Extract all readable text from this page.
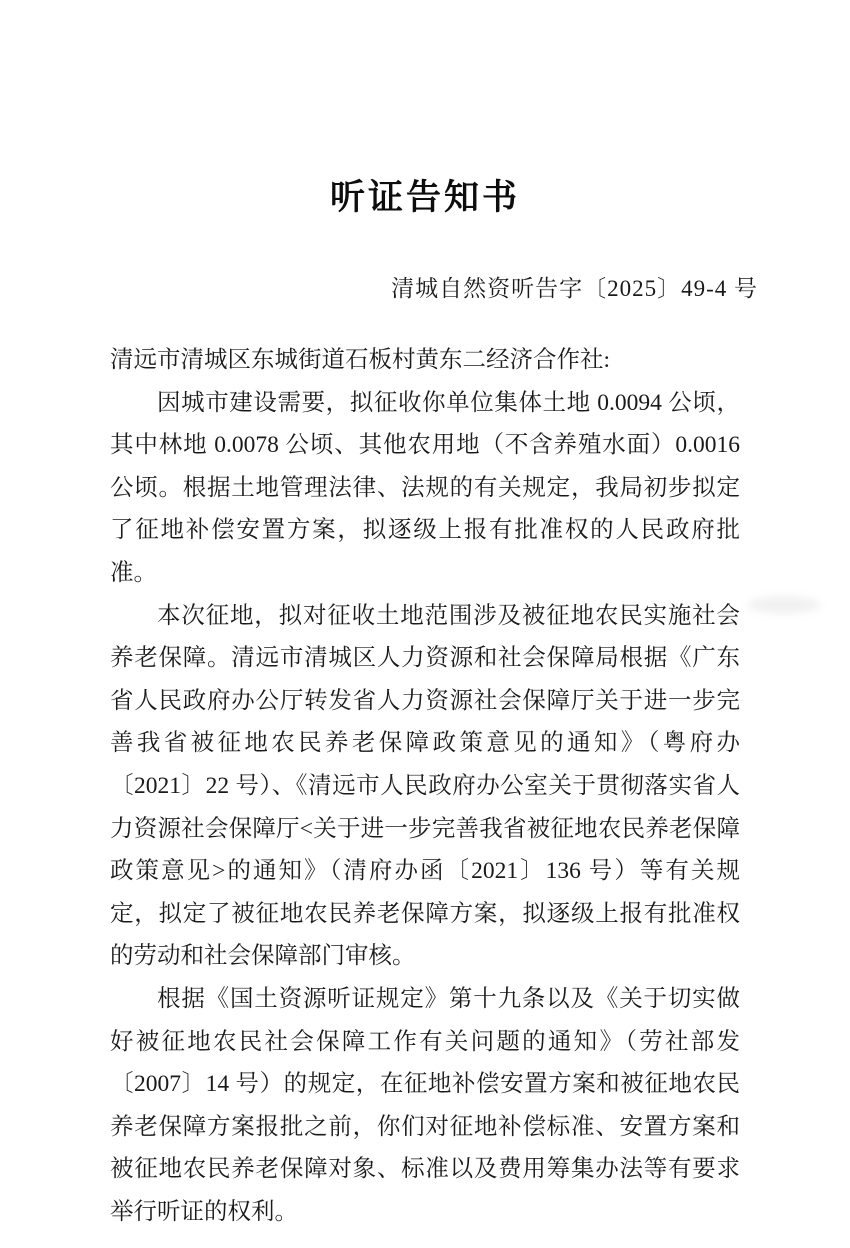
听证告知书
清城自然资听告字〔2025〕49-4 号

清远市清城区东城街道石板村黄东二经济合作社:

因城市建设需要，拟征收你单位集体土地 0.0094 公顷，其中林地 0.0078 公顷、其他农用地（不含养殖水面）0.0016 公顷。根据土地管理法律、法规的有关规定，我局初步拟定了征地补偿安置方案，拟逐级上报有批准权的人民政府批准。

本次征地，拟对征收土地范围涉及被征地农民实施社会养老保障。清远市清城区人力资源和社会保障局根据《广东省人民政府办公厅转发省人力资源社会保障厅关于进一步完善我省被征地农民养老保障政策意见的通知》（粤府办〔2021〕22 号）、《清远市人民政府办公室关于贯彻落实省人力资源社会保障厅<关于进一步完善我省被征地农民养老保障政策意见>的通知》（清府办函〔2021〕136 号）等有关规定，拟定了被征地农民养老保障方案，拟逐级上报有批准权的劳动和社会保障部门审核。

根据《国土资源听证规定》第十九条以及《关于切实做好被征地农民社会保障工作有关问题的通知》（劳社部发〔2007〕14 号）的规定，在征地补偿安置方案和被征地农民养老保障方案报批之前，你们对征地补偿标准、安置方案和被征地农民养老保障对象、标准以及费用筹集办法等有要求举行听证的权利。
